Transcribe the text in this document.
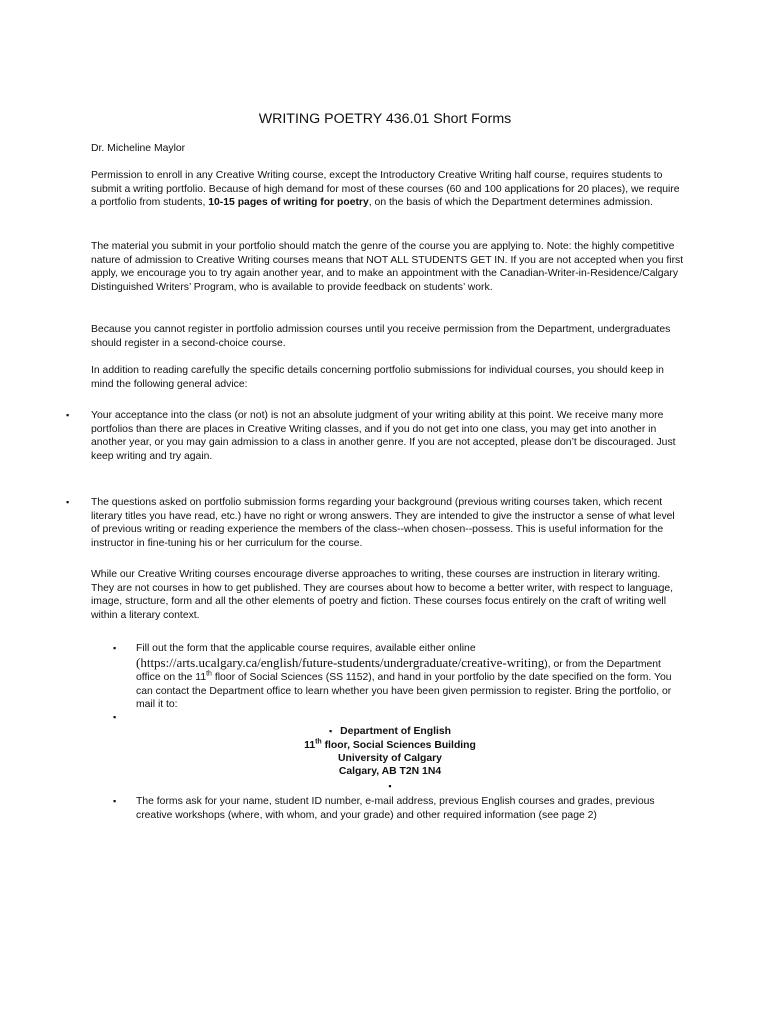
WRITING POETRY 436.01 Short Forms
Dr. Micheline Maylor
Permission to enroll in any Creative Writing course, except the Introductory Creative Writing half course, requires students to submit a writing portfolio. Because of high demand for most of these courses (60 and 100 applications for 20 places), we require a portfolio from students, 10-15 pages of writing for poetry, on the basis of which the Department determines admission.
The material you submit in your portfolio should match the genre of the course you are applying to. Note: the highly competitive nature of admission to Creative Writing courses means that NOT ALL STUDENTS GET IN. If you are not accepted when you first apply, we encourage you to try again another year, and to make an appointment with the Canadian-Writer-in-Residence/Calgary Distinguished Writers’ Program, who is available to provide feedback on students’ work.
Because you cannot register in portfolio admission courses until you receive permission from the Department, undergraduates should register in a second-choice course.
In addition to reading carefully the specific details concerning portfolio submissions for individual courses, you should keep in mind the following general advice:
▪ Your acceptance into the class (or not) is not an absolute judgment of your writing ability at this point. We receive many more portfolios than there are places in Creative Writing classes, and if you do not get into one class, you may get into another in another year, or you may gain admission to a class in another genre. If you are not accepted, please don’t be discouraged. Just keep writing and try again.
▪ The questions asked on portfolio submission forms regarding your background (previous writing courses taken, which recent literary titles you have read, etc.) have no right or wrong answers. They are intended to give the instructor a sense of what level of previous writing or reading experience the members of the class--when chosen--possess. This is useful information for the instructor in fine-tuning his or her curriculum for the course.
While our Creative Writing courses encourage diverse approaches to writing, these courses are instruction in literary writing. They are not courses in how to get published. They are courses about how to become a better writer, with respect to language, image, structure, form and all the other elements of poetry and fiction. These courses focus entirely on the craft of writing well within a literary context.
▪ Fill out the form that the applicable course requires, available either online
(https://arts.ucalgary.ca/english/future-students/undergraduate/creative-writing), or from the Department office on the 11th floor of Social Sciences (SS 1152), and hand in your portfolio by the date specified on the form. You can contact the Department office to learn whether you have been given permission to register. Bring the portfolio, or mail it to:
▪
▪ Department of English
11th floor, Social Sciences Building
University of Calgary
Calgary, AB T2N 1N4
▪
▪ The forms ask for your name, student ID number, e-mail address, previous English courses and grades, previous creative workshops (where, with whom, and your grade) and other required information (see page 2)
